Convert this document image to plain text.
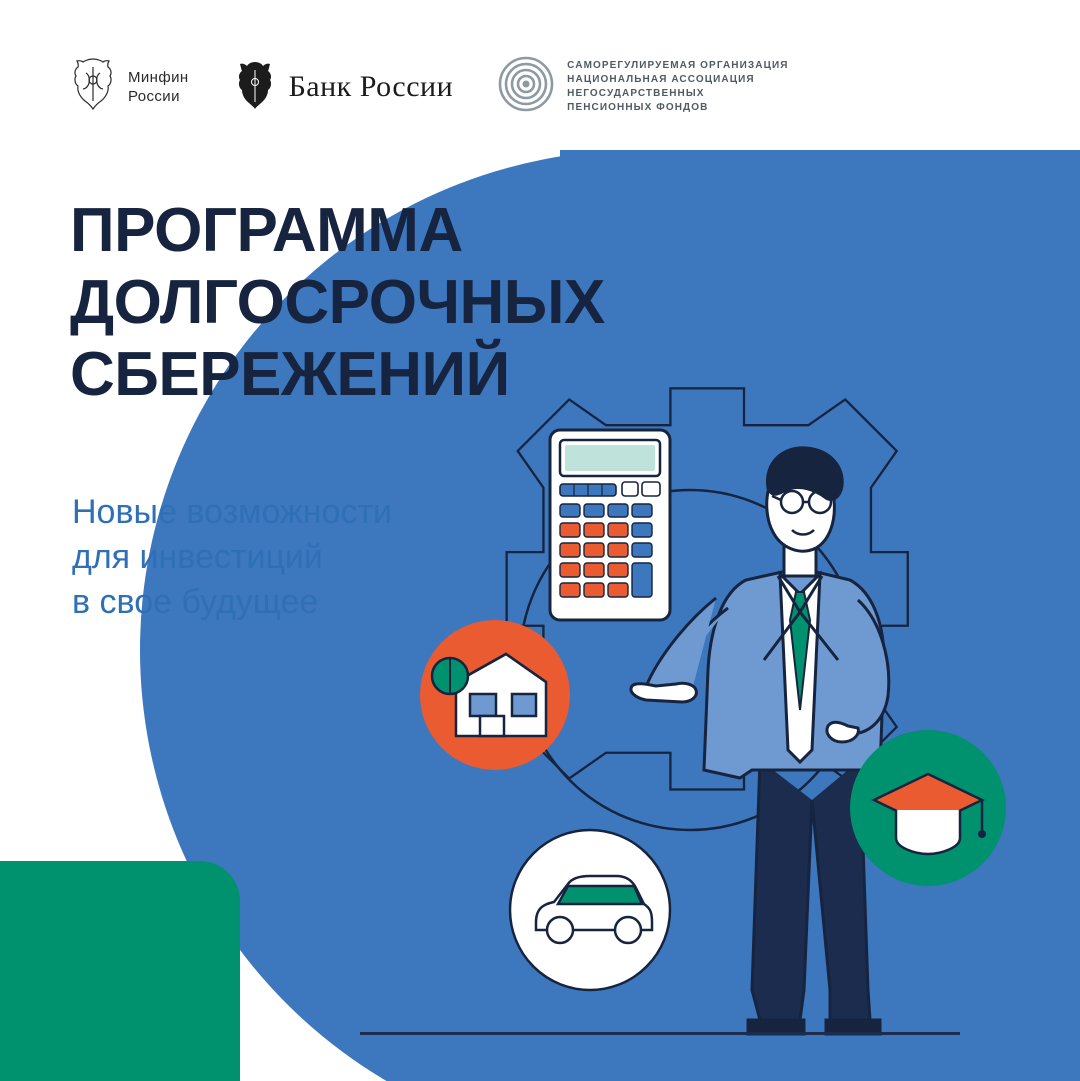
Минфин
России	Банк России
САМОРЕГУЛИРУЕМАЯ ОРГАНИЗАЦИЯ
НАЦИОНАЛЬНАЯ АССОЦИАЦИЯ
НЕГОСУДАРСТВЕННЫХ
ПЕНСИОННЫХ ФОНДОВ
ПРОГРАММА
ДОЛГОСРОЧНЫХ
СБЕРЕЖЕНИЙ
Новые возможности
для инвестиций
в свое будущее
